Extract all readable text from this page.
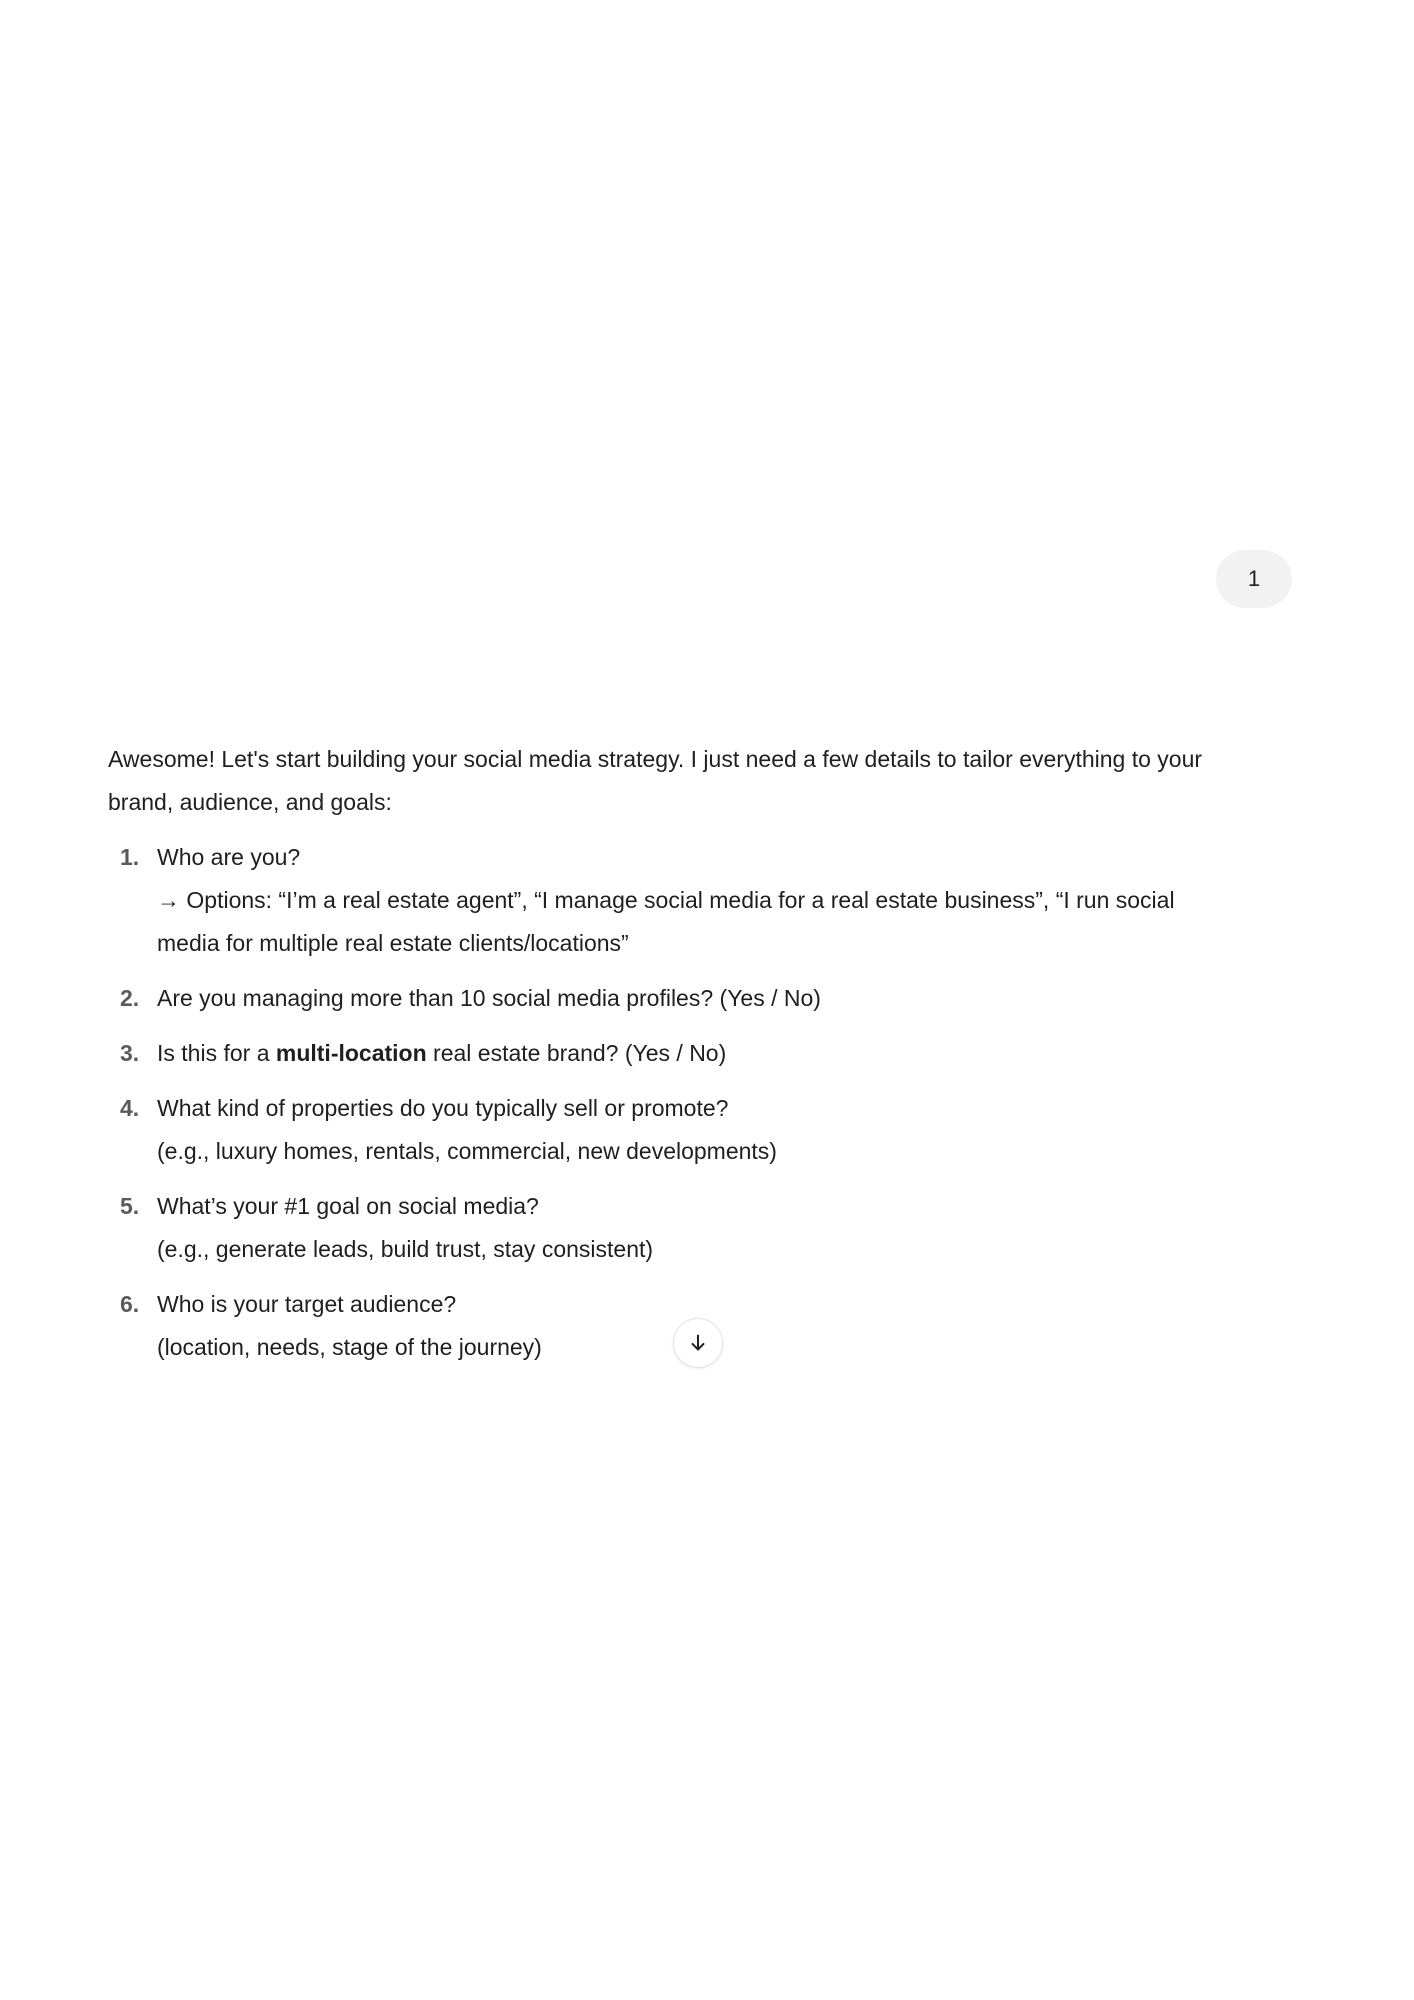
1

Awesome! Let's start building your social media strategy. I just need a few details to tailor everything to your
brand, audience, and goals:

1. Who are you?
→ Options: “I’m a real estate agent”, “I manage social media for a real estate business”, “I run social
media for multiple real estate clients/locations”
2. Are you managing more than 10 social media profiles? (Yes / No)
3. Is this for a multi-location real estate brand? (Yes / No)
4. What kind of properties do you typically sell or promote?
(e.g., luxury homes, rentals, commercial, new developments)
5. What’s your #1 goal on social media?
(e.g., generate leads, build trust, stay consistent)
6. Who is your target audience?
(location, needs, stage of the journey)
